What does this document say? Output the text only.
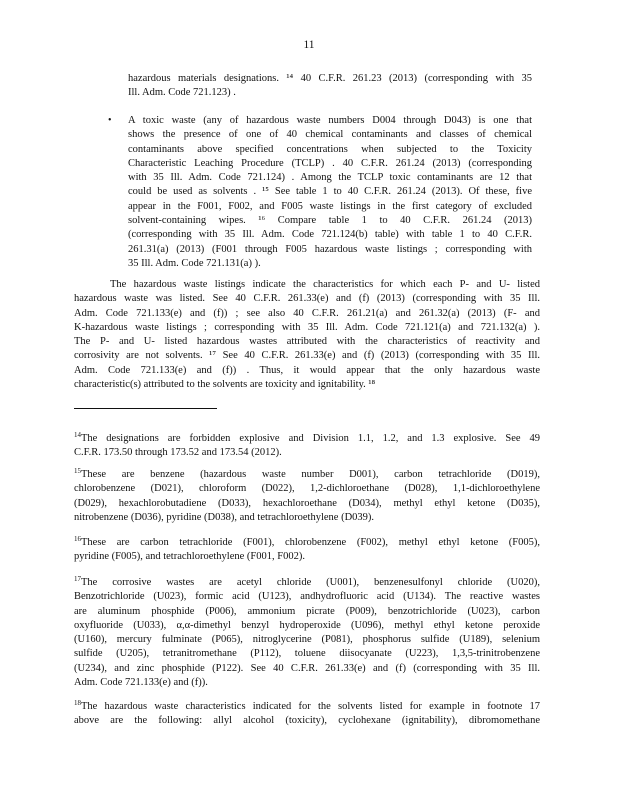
11
hazardous materials designations. ¹⁴ 40 C.F.R. 261.23 (2013) (corresponding with 35
Ill. Adm. Code 721.123) .
• A toxic waste (any of hazardous waste numbers D004 through D043) is one that
shows the presence of one of 40 chemical contaminants and classes of chemical
contaminants above specified concentrations when subjected to the Toxicity
Characteristic Leaching Procedure (TCLP) . 40 C.F.R. 261.24 (2013) (corresponding
with 35 Ill. Adm. Code 721.124) . Among the TCLP toxic contaminants are 12 that
could be used as solvents . ¹⁵ See table 1 to 40 C.F.R. 261.24 (2013). Of these, five
appear in the F001, F002, and F005 waste listings in the first category of excluded
solvent-containing wipes. ¹⁶ Compare table 1 to 40 C.F.R. 261.24 (2013)
(corresponding with 35 Ill. Adm. Code 721.124(b) table) with table 1 to 40 C.F.R.
261.31(a) (2013) (F001 through F005 hazardous waste listings ; corresponding with
35 Ill. Adm. Code 721.131(a) ).
The hazardous waste listings indicate the characteristics for which each P- and U- listed
hazardous waste was listed. See 40 C.F.R. 261.33(e) and (f) (2013) (corresponding with 35 Ill.
Adm. Code 721.133(e) and (f)) ; see also 40 C.F.R. 261.21(a) and 261.32(a) (2013) (F- and
K-hazardous waste listings ; corresponding with 35 Ill. Adm. Code 721.121(a) and 721.132(a) ).
The P- and U- listed hazardous wastes attributed with the characteristics of reactivity and
corrosivity are not solvents. ¹⁷ See 40 C.F.R. 261.33(e) and (f) (2013) (corresponding with 35 Ill.
Adm. Code 721.133(e) and (f)) . Thus, it would appear that the only hazardous waste
characteristic(s) attributed to the solvents are toxicity and ignitability. ¹⁸
$^{14}$The designations are forbidden explosive and Division 1.1, 1.2, and 1.3 explosive. See 49
C.F.R. 173.50 through 173.52 and 173.54 (2012).
$^{15}$These are benzene (hazardous waste number D001), carbon tetrachloride (D019),
chlorobenzene (D021), chloroform (D022), 1,2-dichloroethane (D028), 1,1-dichloroethylene
(D029), hexachlorobutadiene (D033), hexachloroethane (D034), methyl ethyl ketone (D035),
nitrobenzene (D036), pyridine (D038), and tetrachloroethylene (D039).
$^{16}$These are carbon tetrachloride (F001), chlorobenzene (F002), methyl ethyl ketone (F005),
pyridine (F005), and tetrachloroethylene (F001, F002).
$^{17}$The corrosive wastes are acetyl chloride (U001), benzenesulfonyl chloride (U020),
Benzotrichloride (U023), formic acid (U123), andhydrofluoric acid (U134). The reactive wastes
are aluminum phosphide (P006), ammonium picrate (P009), benzotrichloride (U023), carbon
oxyfluoride (U033), α,α-dimethyl benzyl hydroperoxide (U096), methyl ethyl ketone peroxide
(U160), mercury fulminate (P065), nitroglycerine (P081), phosphorus sulfide (U189), selenium
sulfide (U205), tetranitromethane (P112), toluene diisocyanate (U223), 1,3,5-trinitrobenzene
(U234), and zinc phosphide (P122). See 40 C.F.R. 261.33(e) and (f) (corresponding with 35 Ill.
Adm. Code 721.133(e) and (f)).
$^{18}$The hazardous waste characteristics indicated for the solvents listed for example in footnote 17
above are the following: allyl alcohol (toxicity), cyclohexane (ignitability), dibromomethane
